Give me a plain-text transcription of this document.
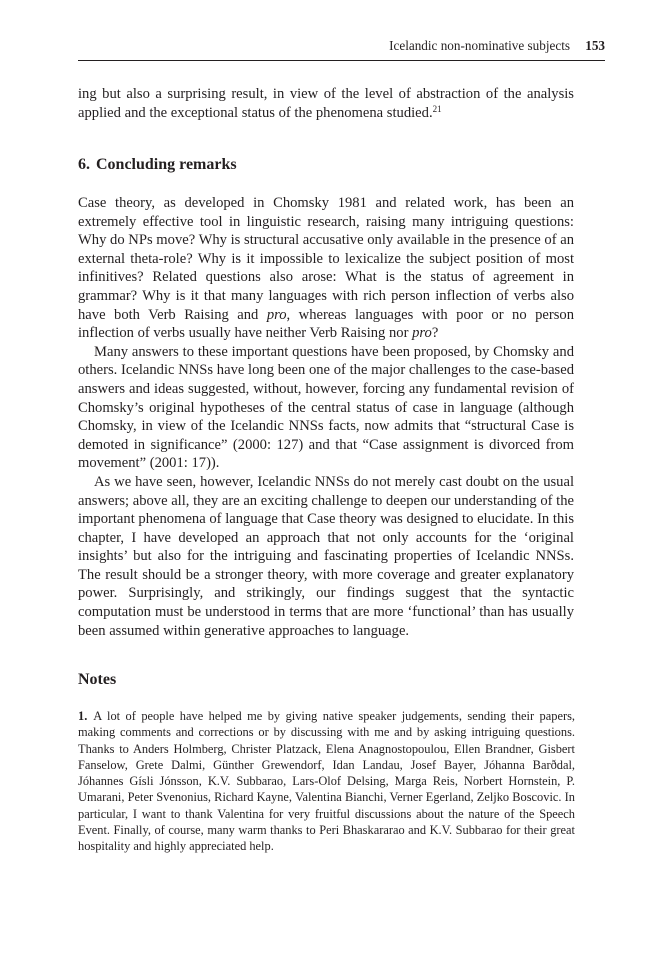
Icelandic non-nominative subjects 153

ing but also a surprising result, in view of the level of abstraction of the analysis applied and the exceptional status of the phenomena studied.$^{21}$

6. Concluding remarks

Case theory, as developed in Chomsky 1981 and related work, has been an extremely effective tool in linguistic research, raising many intriguing questions: Why do NPs move? Why is structural accusative only available in the presence of an external theta-role? Why is it impossible to lexicalize the subject position of most infinitives? Related questions also arose: What is the status of agreement in grammar? Why is it that many languages with rich person inflection of verbs also have both Verb Raising and pro, whereas languages with poor or no person inflection of verbs usually have neither Verb Raising nor pro?

Many answers to these important questions have been proposed, by Chomsky and others. Icelandic NNSs have long been one of the major challenges to the case-based answers and ideas suggested, without, however, forcing any fundamental revision of Chomsky’s original hypotheses of the central status of case in language (although Chomsky, in view of the Icelandic NNSs facts, now admits that “structural Case is demoted in significance” (2000: 127) and that “Case assignment is divorced from movement” (2001: 17)).

As we have seen, however, Icelandic NNSs do not merely cast doubt on the usual answers; above all, they are an exciting challenge to deepen our understanding of the important phenomena of language that Case theory was designed to elucidate. In this chapter, I have developed an approach that not only accounts for the ‘original insights’ but also for the intriguing and fascinating properties of Icelandic NNSs. The result should be a stronger theory, with more coverage and greater explanatory power. Surprisingly, and strikingly, our findings suggest that the syntactic computation must be understood in terms that are more ‘functional’ than has usually been assumed within generative approaches to language.

Notes

1. A lot of people have helped me by giving native speaker judgements, sending their papers, making comments and corrections or by discussing with me and by asking intriguing questions. Thanks to Anders Holmberg, Christer Platzack, Elena Anagnostopoulou, Ellen Brandner, Gisbert Fanselow, Grete Dalmi, Günther Grewendorf, Idan Landau, Josef Bayer, Jóhanna Barðdal, Jóhannes Gísli Jónsson, K.V. Subbarao, Lars-Olof Delsing, Marga Reis, Norbert Hornstein, P. Umarani, Peter Svenonius, Richard Kayne, Valentina Bianchi, Verner Egerland, Zeljko Boscovic. In particular, I want to thank Valentina for very fruitful discussions about the nature of the Speech Event. Finally, of course, many warm thanks to Peri Bhaskararao and K.V. Subbarao for their great hospitality and highly appreciated help.
